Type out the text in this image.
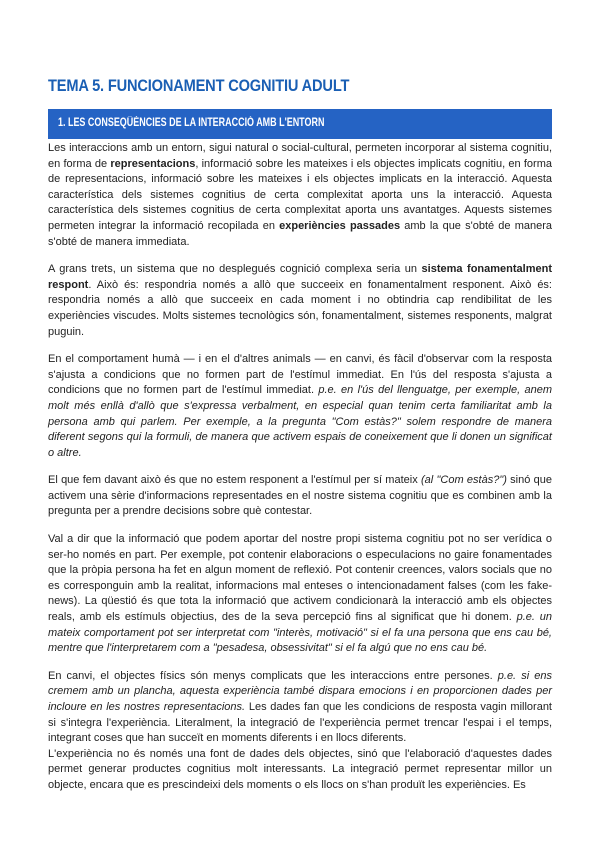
TEMA 5. FUNCIONAMENT COGNITIU ADULT
1. LES CONSEQÜÈNCIES DE LA INTERACCIÓ AMB L'ENTORN

Les interaccions amb un entorn, sigui natural o social-cultural, permeten incorporar al sistema cognitiu, en forma de representacions, informació sobre les mateixes i els objectes implicats cognitiu, en forma de representacions, informació sobre les mateixes i els objectes implicats en la interacció. Aquesta característica dels sistemes cognitius de certa complexitat aporta uns la interacció. Aquesta característica dels sistemes cognitius de certa complexitat aporta uns avantatges. Aquests sistemes permeten integrar la informació recopilada en experiències passades amb la que s'obté de manera s'obté de manera immediata.

A grans trets, un sistema que no desplegués cognició complexa seria un sistema fonamentalment respont. Això és: respondria només a allò que succeeix en fonamentalment responent. Això és: respondria només a allò que succeeix en cada moment i no obtindria cap rendibilitat de les experiències viscudes. Molts sistemes tecnològics són, fonamentalment, sistemes responents, malgrat puguin.

En el comportament humà — i en el d'altres animals — en canvi, és fàcil d'observar com la resposta s'ajusta a condicions que no formen part de l'estímul immediat. En l'ús del resposta s'ajusta a condicions que no formen part de l'estímul immediat. p.e. en l'ús del llenguatge, per exemple, anem molt més enllà d'allò que s'expressa verbalment, en especial quan tenim certa familiaritat amb la persona amb qui parlem. Per exemple, a la pregunta "Com estàs?" solem respondre de manera diferent segons qui la formuli, de manera que activem espais de coneixement que li donen un significat o altre.

El que fem davant això és que no estem responent a l'estímul per sí mateix (al "Com estàs?") sinó que activem una sèrie d'informacions representades en el nostre sistema cognitiu que es combinen amb la pregunta per a prendre decisions sobre què contestar.

Val a dir que la informació que podem aportar del nostre propi sistema cognitiu pot no ser verídica o ser-ho només en part. Per exemple, pot contenir elaboracions o especulacions no gaire fonamentades que la pròpia persona ha fet en algun moment de reflexió. Pot contenir creences, valors socials que no es corresponguin amb la realitat, informacions mal enteses o intencionadament falses (com les fake-news). La qüestió és que tota la informació que activem condicionarà la interacció amb els objectes reals, amb els estímuls objectius, des de la seva percepció fins al significat que hi donem. p.e. un mateix comportament pot ser interpretat com "interès, motivació" si el fa una persona que ens cau bé, mentre que l'interpretarem com a "pesadesa, obsessivitat" si el fa algú que no ens cau bé.

En canvi, el objectes físics són menys complicats que les interaccions entre persones. p.e. si ens cremem amb un plancha, aquesta experiència també dispara emocions i en proporcionen dades per incloure en les nostres representacions. Les dades fan que les condicions de resposta vagin millorant si s'integra l'experiència. Literalment, la integració de l'experiència permet trencar l'espai i el temps, integrant coses que han succeït en moments diferents i en llocs diferents.

L'experiència no és només una font de dades dels objectes, sinó que l'elaboració d'aquestes dades permet generar productes cognitius molt interessants. La integració permet representar millor un objecte, encara que es prescindeixi dels moments o els llocs on s'han produït les experiències. Es
